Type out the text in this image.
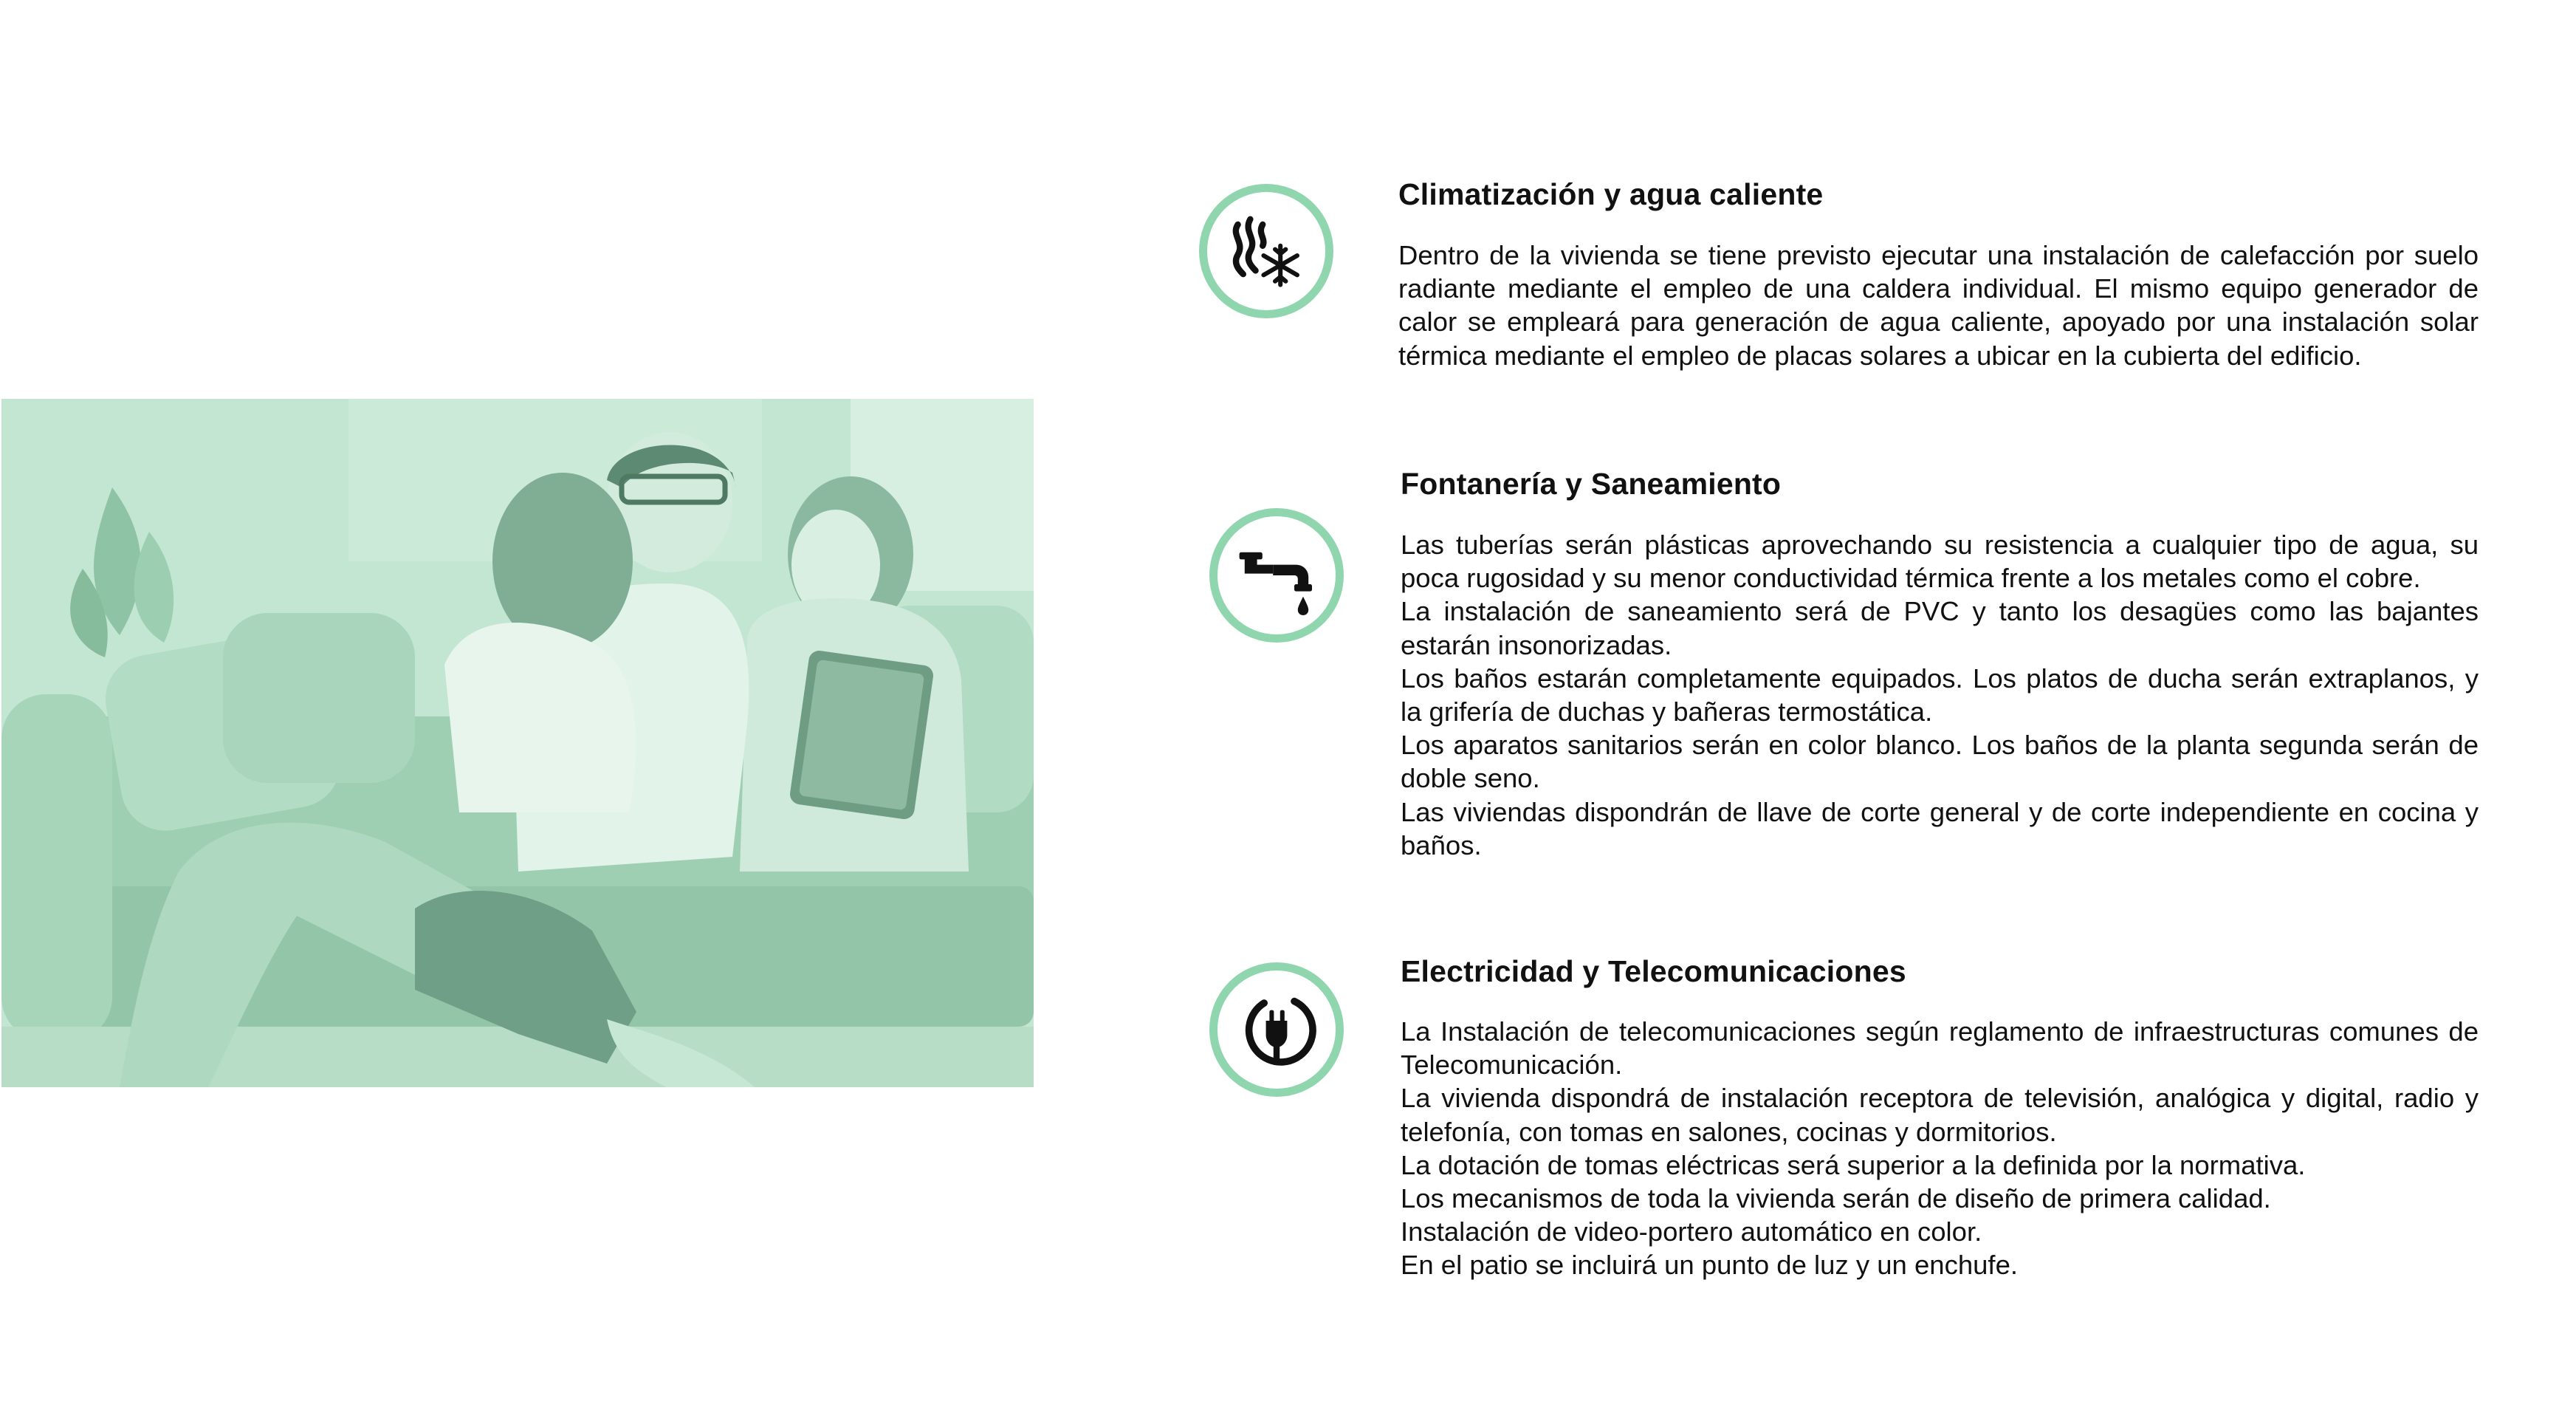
Climatización y agua caliente

Dentro de la vivienda se tiene previsto ejecutar una instalación de calefacción por suelo radiante mediante el empleo de una caldera individual. El mismo equipo generador de calor se empleará para generación de agua caliente, apoyado por una instalación solar térmica mediante el empleo de placas solares a ubicar en la cubierta del edificio.

Fontanería y Saneamiento

Las tuberías serán plásticas aprovechando su resistencia a cualquier tipo de agua, su poca rugosidad y su menor conductividad térmica frente a los metales como el cobre.

La instalación de saneamiento será de PVC y tanto los desagües como las bajantes estarán insonorizadas.

Los baños estarán completamente equipados. Los platos de ducha serán extraplanos, y la grifería de duchas y bañeras termostática.

Los aparatos sanitarios serán en color blanco. Los baños de la planta segunda serán de doble seno.

Las viviendas dispondrán de llave de corte general y de corte independiente en cocina y baños.

Electricidad y Telecomunicaciones

La Instalación de telecomunicaciones según reglamento de infraestructuras comunes de Telecomunicación.

La vivienda dispondrá de instalación receptora de televisión, analógica y digital, radio y telefonía, con tomas en salones, cocinas y dormitorios.

La dotación de tomas eléctricas será superior a la definida por la normativa.

Los mecanismos de toda la vivienda serán de diseño de primera calidad.

Instalación de video-portero automático en color.

En el patio se incluirá un punto de luz y un enchufe.
